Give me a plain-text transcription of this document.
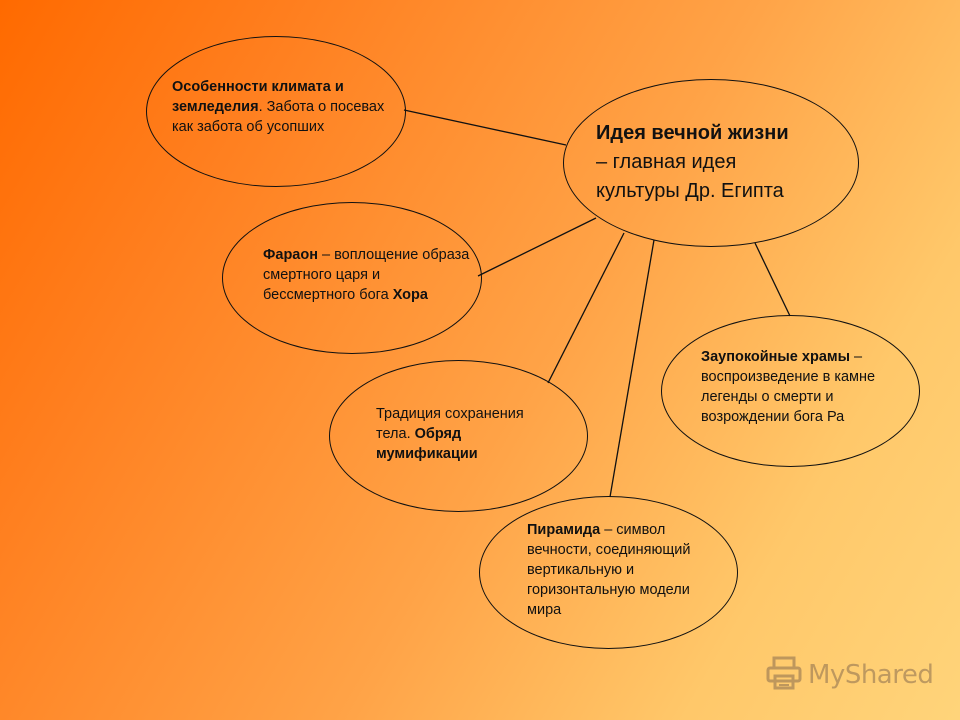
Идея вечной жизни
– главная идея
культуры Др. Египта
Особенности климата и земледелия. Забота о посевах как забота об усопших
Фараон – воплощение образа смертного царя и бессмертного бога Хора
Традиция сохранения тела. Обряд мумификации
Пирамида – символ вечности, соединяющий вертикальную и горизонтальную модели мира
Заупокойные храмы – воспроизведение в камне легенды о смерти и возрождении бога Ра
MyShared
